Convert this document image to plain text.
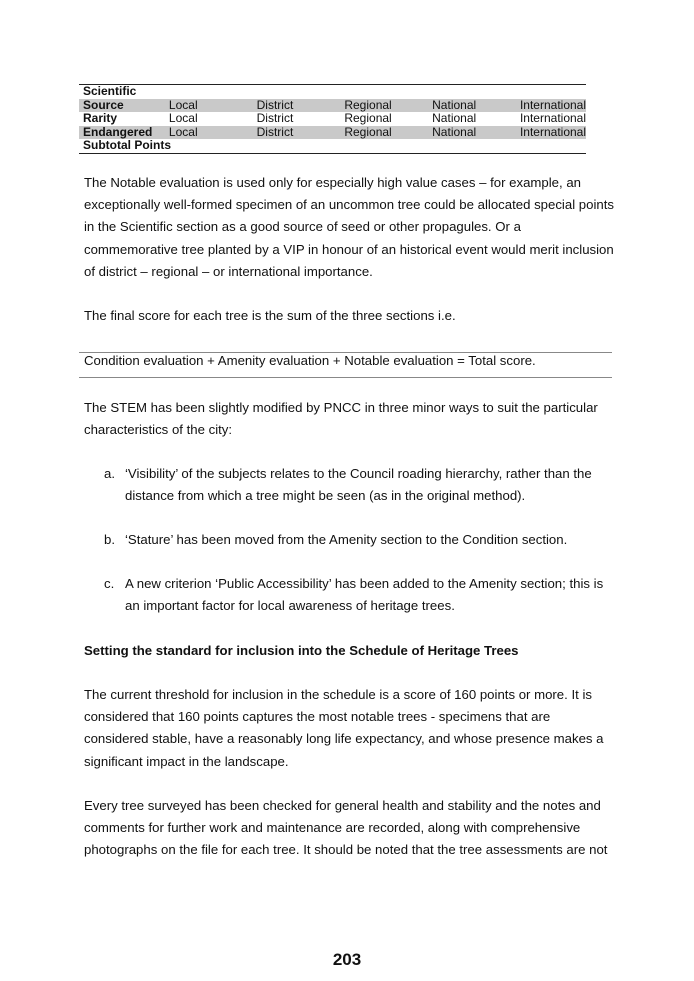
Scientific					
Source	Local	District	Regional	National	International
Rarity	Local	District	Regional	National	International
Endangered	Local	District	Regional	National	International
Subtotal Points					

The Notable evaluation is used only for especially high value cases – for example, an exceptionally well-formed specimen of an uncommon tree could be allocated special points in the Scientific section as a good source of seed or other propagules. Or a commemorative tree planted by a VIP in honour of an historical event would merit inclusion of district – regional – or international importance.

The final score for each tree is the sum of the three sections i.e.

Condition evaluation + Amenity evaluation + Notable evaluation = Total score.

The STEM has been slightly modified by PNCC in three minor ways to suit the particular characteristics of the city:

a. ‘Visibility’ of the subjects relates to the Council roading hierarchy, rather than the distance from which a tree might be seen (as in the original method).
b. ‘Stature’ has been moved from the Amenity section to the Condition section.
c. A new criterion ‘Public Accessibility’ has been added to the Amenity section; this is an important factor for local awareness of heritage trees.
Setting the standard for inclusion into the Schedule of Heritage Trees

The current threshold for inclusion in the schedule is a score of 160 points or more. It is considered that 160 points captures the most notable trees - specimens that are considered stable, have a reasonably long life expectancy, and whose presence makes a significant impact in the landscape.

Every tree surveyed has been checked for general health and stability and the notes and comments for further work and maintenance are recorded, along with comprehensive photographs on the file for each tree. It should be noted that the tree assessments are not

203
